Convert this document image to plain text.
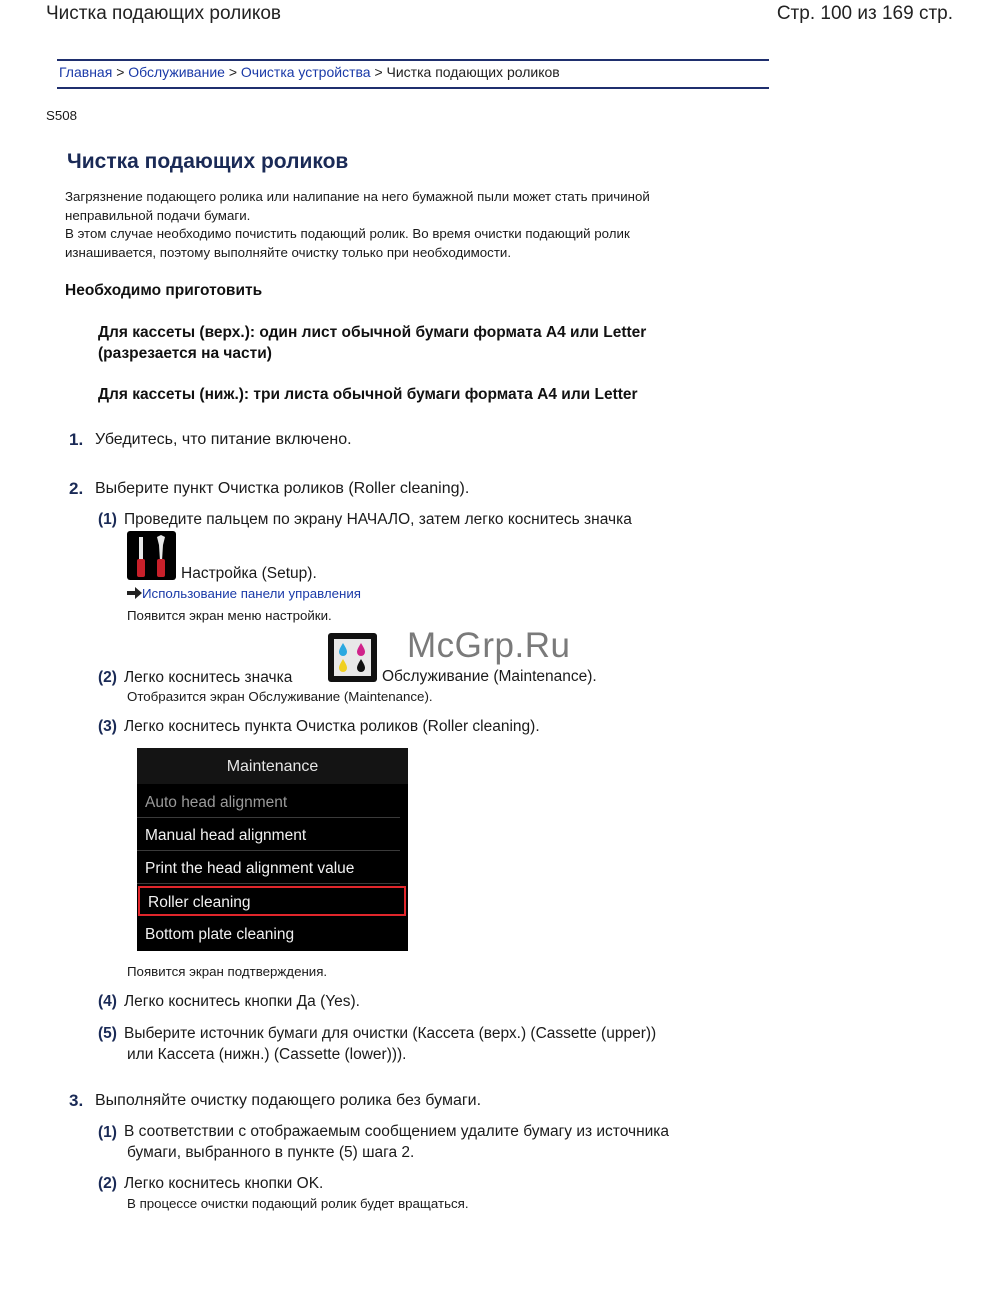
Чистка подающих роликов	Стр. 100 из 169 стр.
Главная > Обслуживание > Очистка устройства > Чистка подающих роликов
S508
Чистка подающих роликов
Загрязнение подающего ролика или налипание на него бумажной пыли может стать причиной
неправильной подачи бумаги.
В этом случае необходимо почистить подающий ролик. Во время очистки подающий ролик
изнашивается, поэтому выполняйте очистку только при необходимости.
Необходимо приготовить
Для кассеты (верх.): один лист обычной бумаги формата A4 или Letter
(разрезается на части)
Для кассеты (ниж.): три листа обычной бумаги формата A4 или Letter
1. Убедитесь, что питание включено.
2. Выберите пункт Очистка роликов (Roller cleaning).
(1) Проведите пальцем по экрану НАЧАЛО, затем легко коснитесь значка
Настройка (Setup).
Использование панели управления
Появится экран меню настройки.
(2) Легко коснитесь значка	Обслуживание (Maintenance).
Отобразится экран Обслуживание (Maintenance).
(3) Легко коснитесь пункта Очистка роликов (Roller cleaning).
Maintenance
Auto head alignment
Manual head alignment
Print the head alignment value
Roller cleaning
Bottom plate cleaning
Появится экран подтверждения.
(4) Легко коснитесь кнопки Да (Yes).
(5) Выберите источник бумаги для очистки (Кассета (верх.) (Cassette (upper))
или Кассета (нижн.) (Cassette (lower))).
3. Выполняйте очистку подающего ролика без бумаги.
(1) В соответствии с отображаемым сообщением удалите бумагу из источника
бумаги, выбранного в пункте (5) шага 2.
(2) Легко коснитесь кнопки OK.
В процессе очистки подающий ролик будет вращаться.
McGrp.Ru
